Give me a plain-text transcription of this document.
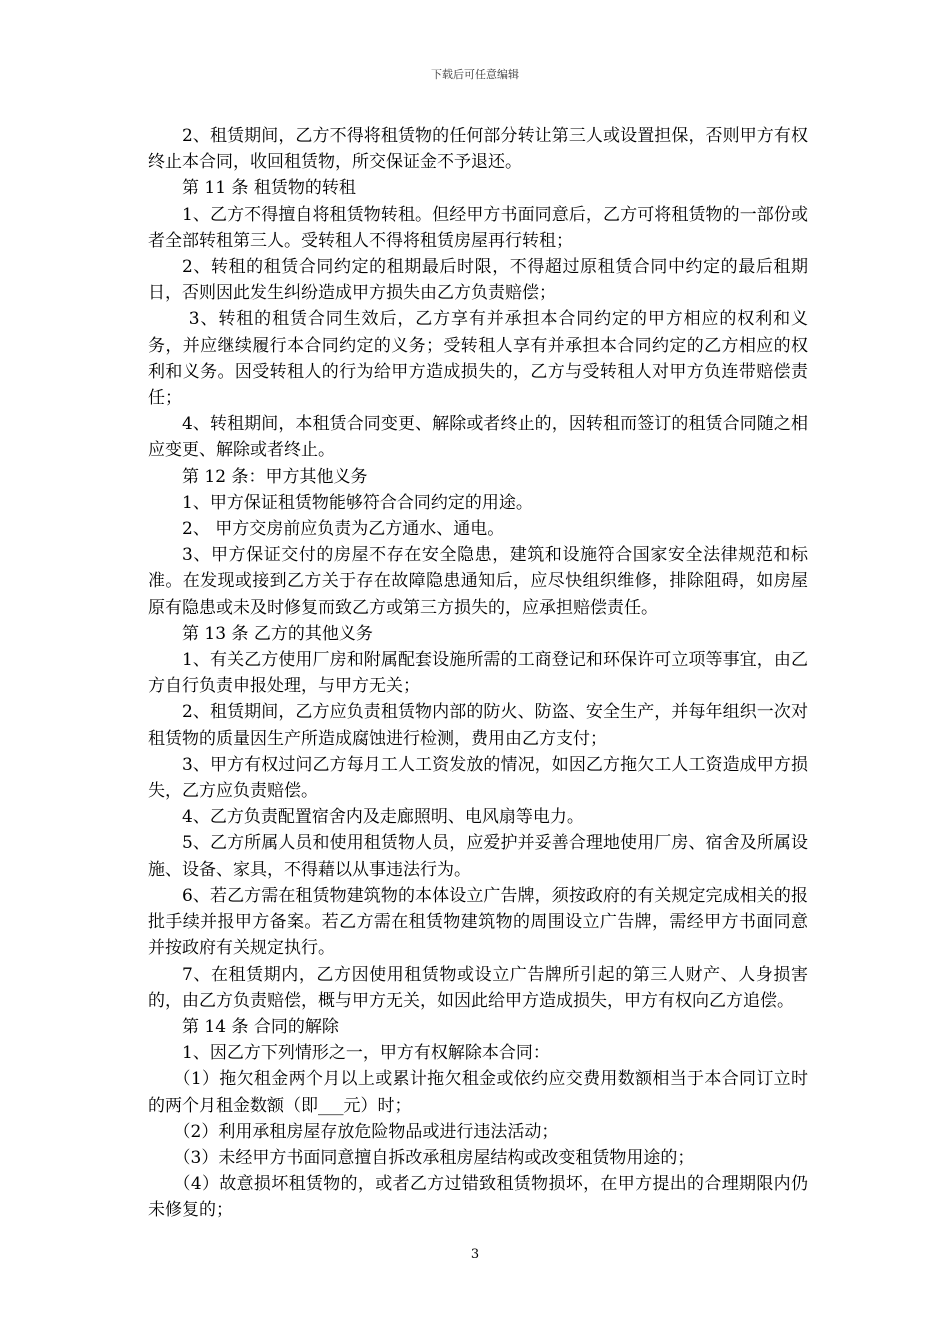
下载后可任意编辑

2、租赁期间，乙方不得将租赁物的任何部分转让第三人或设置担保，否则甲方有权终止本合同，收回租赁物，所交保证金不予退还。

第 11 条 租赁物的转租

1、乙方不得擅自将租赁物转租。但经甲方书面同意后，乙方可将租赁物的一部份或者全部转租第三人。受转租人不得将租赁房屋再行转租；

2、转租的租赁合同约定的租期最后时限，不得超过原租赁合同中约定的最后租期日，否则因此发生纠纷造成甲方损失由乙方负责赔偿；

3、转租的租赁合同生效后，乙方享有并承担本合同约定的甲方相应的权利和义务，并应继续履行本合同约定的义务；受转租人享有并承担本合同约定的乙方相应的权利和义务。因受转租人的行为给甲方造成损失的，乙方与受转租人对甲方负连带赔偿责任；

4、转租期间，本租赁合同变更、解除或者终止的，因转租而签订的租赁合同随之相应变更、解除或者终止。

第 12 条：甲方其他义务

1、甲方保证租赁物能够符合合同约定的用途。

2、 甲方交房前应负责为乙方通水、通电。

3、甲方保证交付的房屋不存在安全隐患，建筑和设施符合国家安全法律规范和标准。在发现或接到乙方关于存在故障隐患通知后，应尽快组织维修，排除阻碍，如房屋原有隐患或未及时修复而致乙方或第三方损失的，应承担赔偿责任。

第 13 条 乙方的其他义务

1、有关乙方使用厂房和附属配套设施所需的工商登记和环保许可立项等事宜，由乙方自行负责申报处理，与甲方无关；

2、租赁期间，乙方应负责租赁物内部的防火、防盗、安全生产，并每年组织一次对租赁物的质量因生产所造成腐蚀进行检测，费用由乙方支付；

3、甲方有权过问乙方每月工人工资发放的情况，如因乙方拖欠工人工资造成甲方损失，乙方应负责赔偿。

4、乙方负责配置宿舍内及走廊照明、电风扇等电力。

5、乙方所属人员和使用租赁物人员，应爱护并妥善合理地使用厂房、宿舍及所属设施、设备、家具，不得藉以从事违法行为。

6、若乙方需在租赁物建筑物的本体设立广告牌，须按政府的有关规定完成相关的报批手续并报甲方备案。若乙方需在租赁物建筑物的周围设立广告牌，需经甲方书面同意并按政府有关规定执行。

7、在租赁期内，乙方因使用租赁物或设立广告牌所引起的第三人财产、人身损害的，由乙方负责赔偿，概与甲方无关，如因此给甲方造成损失，甲方有权向乙方追偿。

第 14 条 合同的解除

1、因乙方下列情形之一，甲方有权解除本合同：

（1）拖欠租金两个月以上或累计拖欠租金或依约应交费用数额相当于本合同订立时的两个月租金数额（即___元）时；

（2）利用承租房屋存放危险物品或进行违法活动；

（3）未经甲方书面同意擅自拆改承租房屋结构或改变租赁物用途的；

（4）故意损坏租赁物的，或者乙方过错致租赁物损坏，在甲方提出的合理期限内仍未修复的；

3
